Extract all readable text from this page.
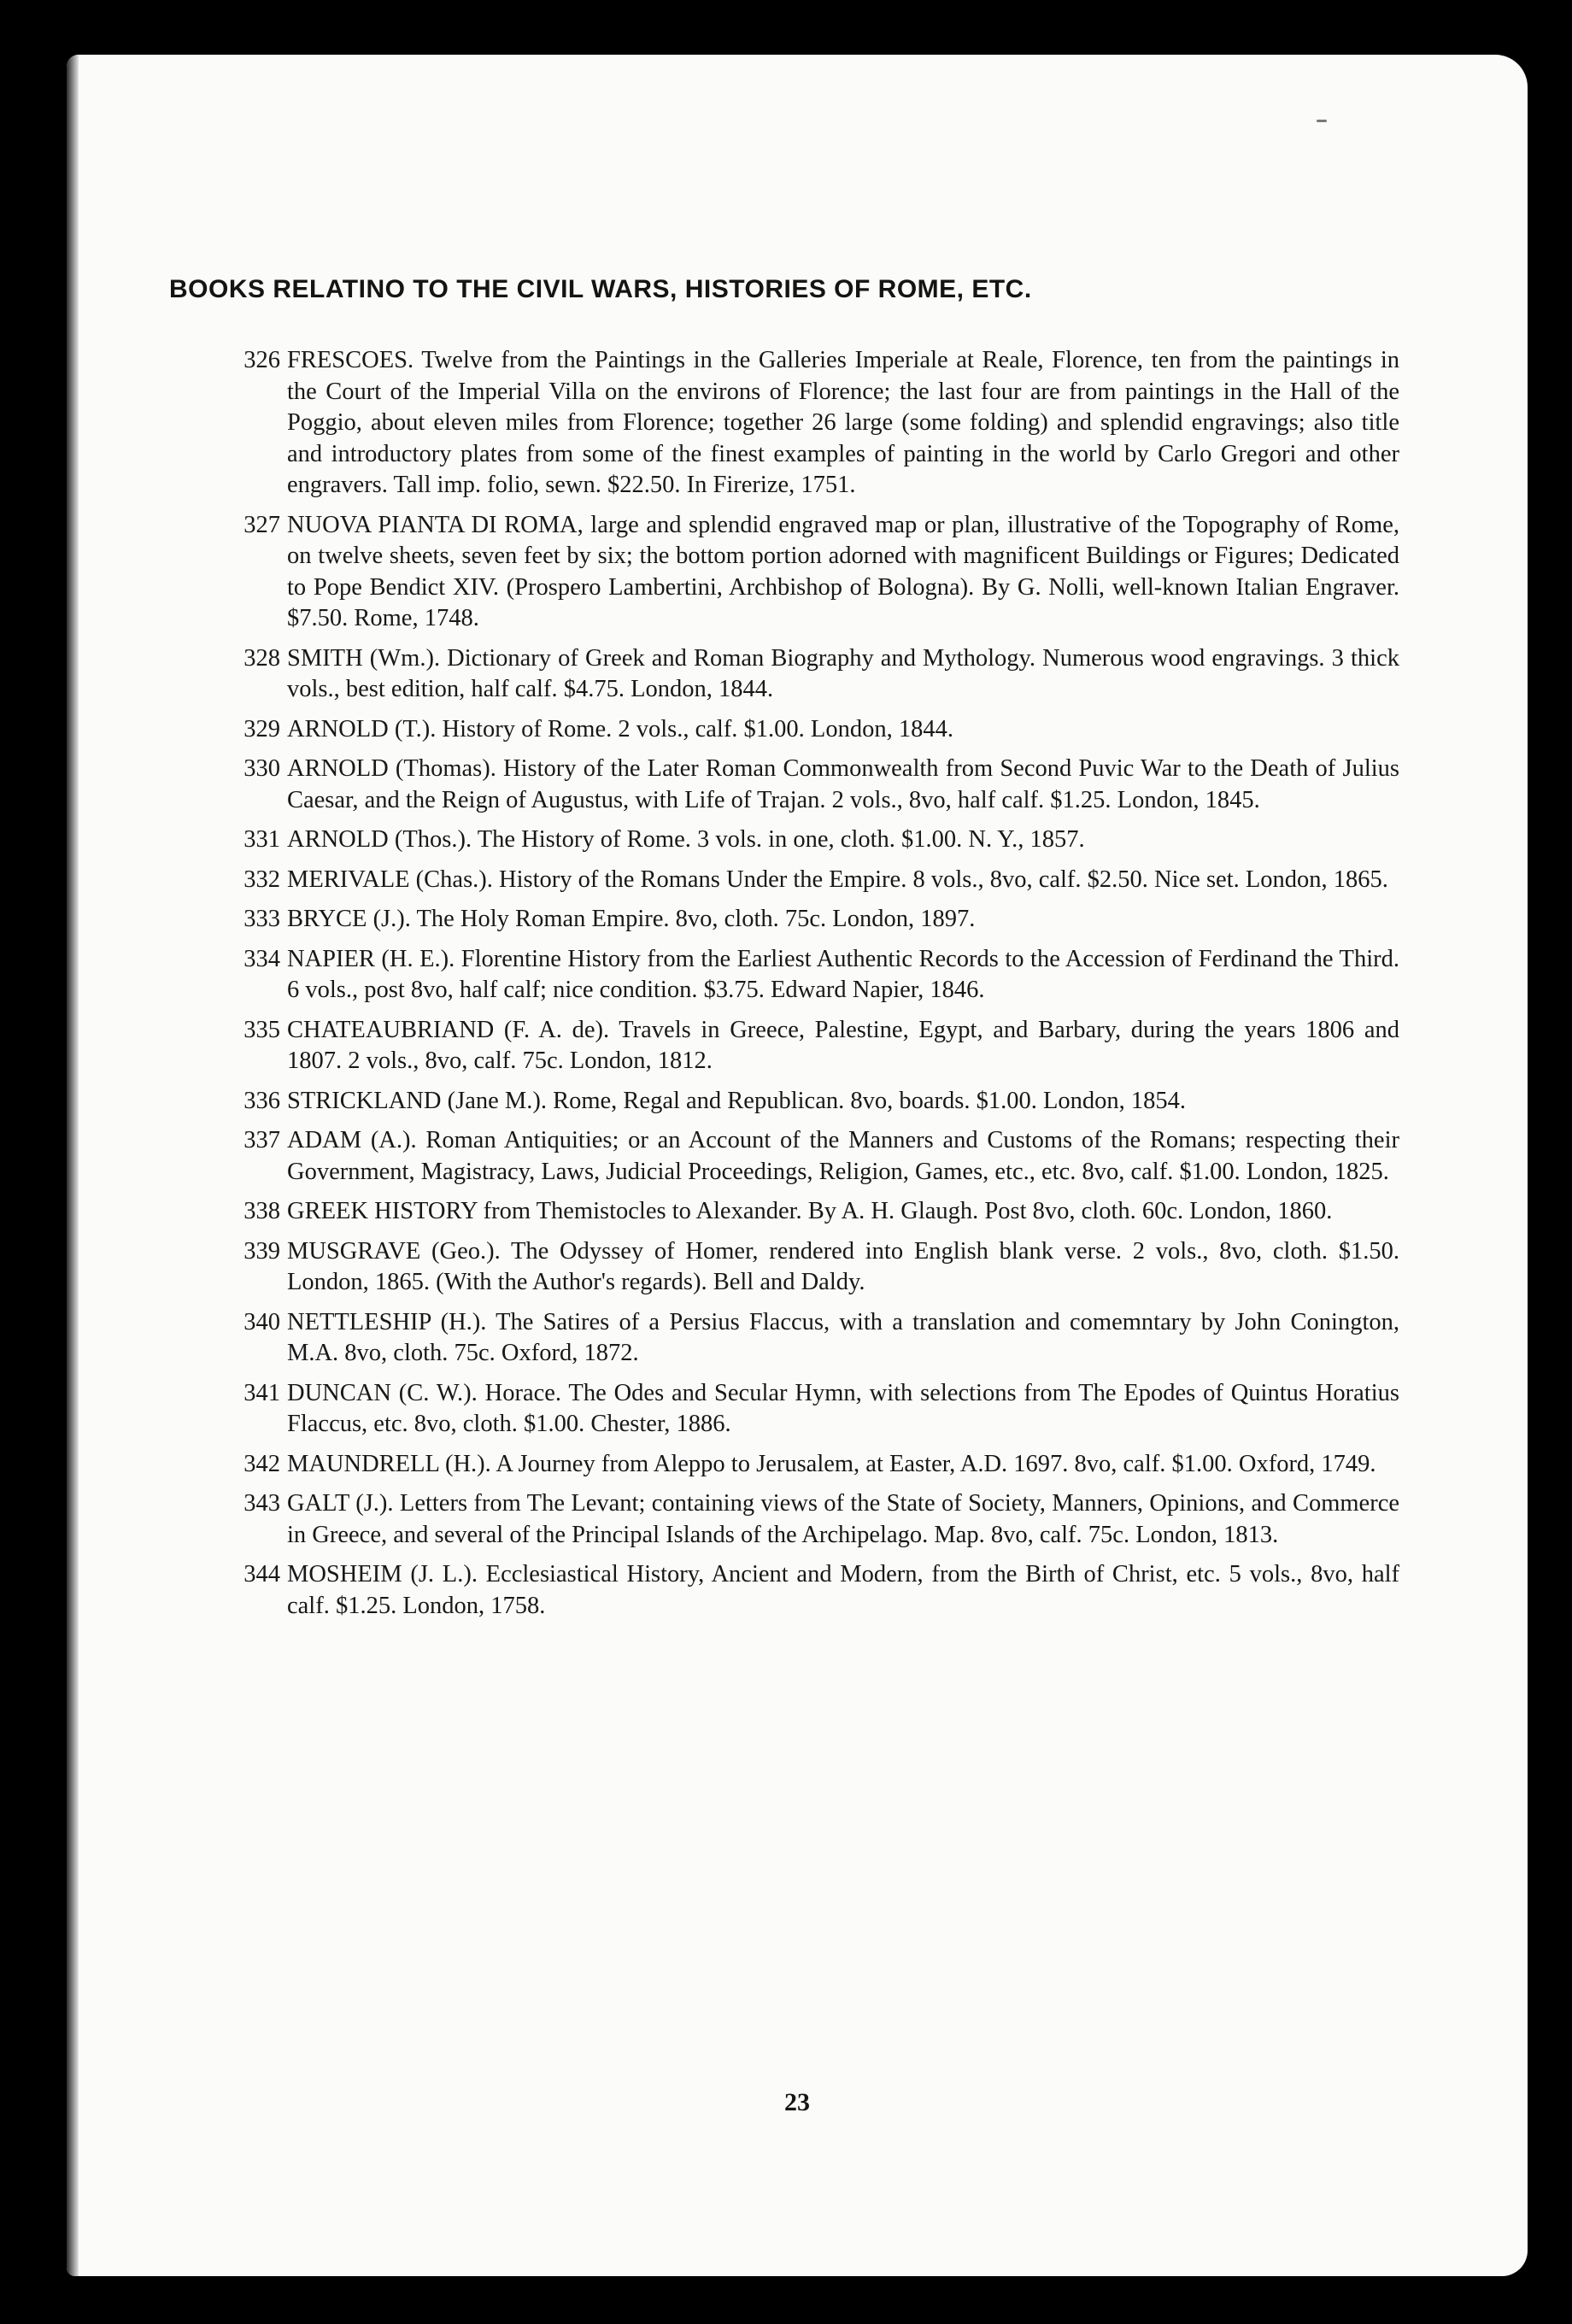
BOOKS RELATINO TO THE CIVIL WARS, HISTORIES OF ROME, ETC.
326 FRESCOES. Twelve from the Paintings in the Galleries Imperiale at Reale, Florence, ten from the paintings in the Court of the Imperial Villa on the environs of Florence; the last four are from paintings in the Hall of the Poggio, about eleven miles from Florence; together 26 large (some folding) and splendid engravings; also title and introductory plates from some of the finest examples of painting in the world by Carlo Gregori and other engravers. Tall imp. folio, sewn. $22.50. In Firerize, 1751.
327 NUOVA PIANTA DI ROMA, large and splendid engraved map or plan, illustrative of the Topography of Rome, on twelve sheets, seven feet by six; the bottom portion adorned with magnificent Buildings or Figures; Dedicated to Pope Bendict XIV. (Prospero Lambertini, Archbishop of Bologna). By G. Nolli, well-known Italian Engraver. $7.50. Rome, 1748.
328 SMITH (Wm.). Dictionary of Greek and Roman Biography and Mythology. Numerous wood engravings. 3 thick vols., best edition, half calf. $4.75. London, 1844.
329 ARNOLD (T.). History of Rome. 2 vols., calf. $1.00. London, 1844.
330 ARNOLD (Thomas). History of the Later Roman Commonwealth from Second Puvic War to the Death of Julius Caesar, and the Reign of Augustus, with Life of Trajan. 2 vols., 8vo, half calf. $1.25. London, 1845.
331 ARNOLD (Thos.). The History of Rome. 3 vols. in one, cloth. $1.00. N. Y., 1857.
332 MERIVALE (Chas.). History of the Romans Under the Empire. 8 vols., 8vo, calf. $2.50. Nice set. London, 1865.
333 BRYCE (J.). The Holy Roman Empire. 8vo, cloth. 75c. London, 1897.
334 NAPIER (H. E.). Florentine History from the Earliest Authentic Records to the Accession of Ferdinand the Third. 6 vols., post 8vo, half calf; nice condition. $3.75. Edward Napier, 1846.
335 CHATEAUBRIAND (F. A. de). Travels in Greece, Palestine, Egypt, and Barbary, during the years 1806 and 1807. 2 vols., 8vo, calf. 75c. London, 1812.
336 STRICKLAND (Jane M.). Rome, Regal and Republican. 8vo, boards. $1.00. London, 1854.
337 ADAM (A.). Roman Antiquities; or an Account of the Manners and Customs of the Romans; respecting their Government, Magistracy, Laws, Judicial Proceedings, Religion, Games, etc., etc. 8vo, calf. $1.00. London, 1825.
338 GREEK HISTORY from Themistocles to Alexander. By A. H. Glaugh. Post 8vo, cloth. 60c. London, 1860.
339 MUSGRAVE (Geo.). The Odyssey of Homer, rendered into English blank verse. 2 vols., 8vo, cloth. $1.50. London, 1865. (With the Author's regards). Bell and Daldy.
340 NETTLESHIP (H.). The Satires of a Persius Flaccus, with a translation and comemntary by John Conington, M.A. 8vo, cloth. 75c. Oxford, 1872.
341 DUNCAN (C. W.). Horace. The Odes and Secular Hymn, with selections from The Epodes of Quintus Horatius Flaccus, etc. 8vo, cloth. $1.00. Chester, 1886.
342 MAUNDRELL (H.). A Journey from Aleppo to Jerusalem, at Easter, A.D. 1697. 8vo, calf. $1.00. Oxford, 1749.
343 GALT (J.). Letters from The Levant; containing views of the State of Society, Manners, Opinions, and Commerce in Greece, and several of the Principal Islands of the Archipelago. Map. 8vo, calf. 75c. London, 1813.
344 MOSHEIM (J. L.). Ecclesiastical History, Ancient and Modern, from the Birth of Christ, etc. 5 vols., 8vo, half calf. $1.25. London, 1758.
23
